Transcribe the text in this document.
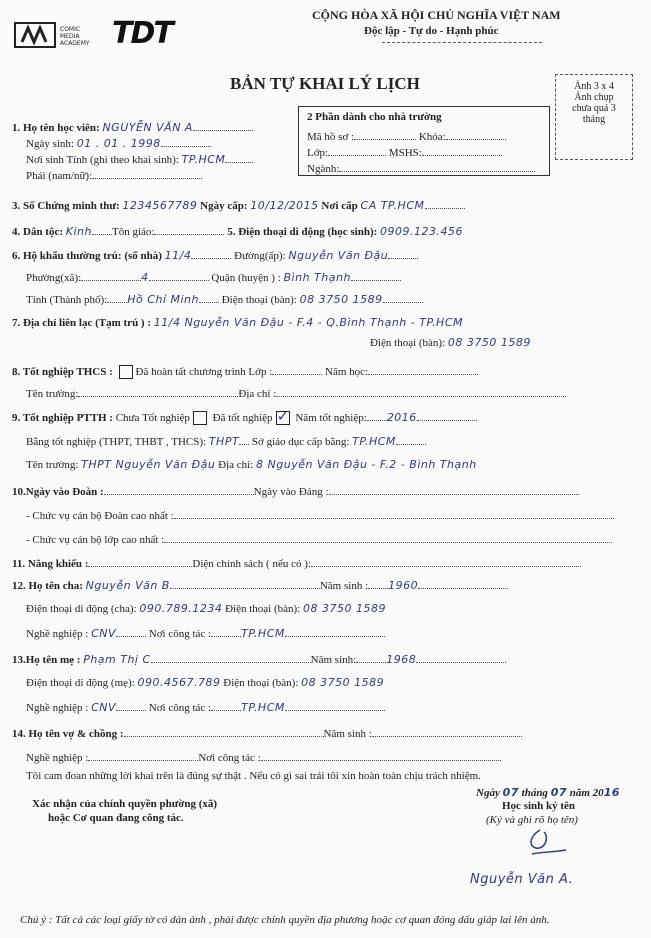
COMIC MEDIA ACADEMY TDT
CỘNG HÒA XÃ HỘI CHỦ NGHĨA VIỆT NAM
Độc lập - Tự do - Hạnh phúc
BẢN TỰ KHAI LÝ LỊCH	Ảnh 3 x 4
Ảnh chụp
chưa quá 3
tháng
2 Phần dành cho nhà trường
Mã hồ sơ :	Khóa:
Lớp:	MSHS:
Ngành:
1. Họ tên học viên: NGUYỄN VĂN A
Ngày sinh: 01 . 01 . 1998
Nơi sinh Tỉnh (ghi theo khai sinh): TP.HCM
Phái (nam/nữ):
3. Số Chứng minh thư: 1234567789 Ngày cấp: 10/12/2015 Nơi cấp CA TP.HCM
4. Dân tộc: Kinh Tôn giáo:	5. Điện thoại di động (học sinh): 0909.123.456
6. Hộ khẩu thường trú: (số nhà) 11/4	Đường(ấp): Nguyễn Văn Đậu
Phường(xã):	4	Quận (huyện ) : Bình Thạnh
Tỉnh (Thành phố): Hồ Chí Minh Điện thoại (bàn): 08 3750 1589
7. Địa chỉ liên lạc (Tạm trú ) : 11/4 Nguyễn Văn Đậu - F.4 - Q.Bình Thạnh - TP.HCM
Điện thoại (bàn): 08 3750 1589
8. Tốt nghiệp THCS : Đã hoàn tất chương trình Lớp :	Năm học:
Tên trường:	Địa chỉ :
9. Tốt nghiệp PTTH : Chưa Tốt nghiệp Đã tốt nghiệp✓ Năm tốt nghiệp: 2016
Bằng tốt nghiệp (THPT, THBT , THCS): THPT Sở giáo dục cấp bằng: TP.HCM
Tên trường: THPT Nguyễn Văn Đậu Địa chỉ: 8 Nguyễn Văn Đậu - F.2 - Bình Thạnh
10.Ngày vào Đoàn :	Ngày vào Đảng :
- Chức vụ cán bộ Đoàn cao nhất :
- Chức vụ cán bộ lớp cao nhất :
11. Năng khiếu :	Diện chính sách ( nếu có ):
12. Họ tên cha: Nguyễn Văn B	Năm sinh : 1960
Điện thoại di động (cha): 090.789.1234 Điện thoại (bàn): 08 3750 1589
Nghề nghiệp : CNV	Nơi công tác :	TP.HCM
13.Họ tên mẹ : Phạm Thị C	Năm sinh:	1968
Điện thoại di động (mẹ): 090.4567.789 Điện thoại (bàn): 08 3750 1589
Nghề nghiệp : CNV	Nơi công tác :	TP.HCM
14. Họ tên vợ & chồng :	Năm sinh :
Nghề nghiệp :	Nơi công tác :
Tôi cam đoan những lời khai trên là đúng sự thật . Nếu có gì sai trái tôi xin hoàn toàn chịu trách nhiệm.
Ngày 07 tháng 07 năm 2016
Xác nhận của chính quyền phường (xã)
hoặc Cơ quan đang công tác.
Học sinh ký tên
(Ký và ghi rõ họ tên)
Nguyễn Văn A.
Chú ý : Tất cả các loại giấy tờ có dán ảnh , phải được chính quyền địa phương hoặc cơ quan đóng dấu giáp lai lên ảnh.
